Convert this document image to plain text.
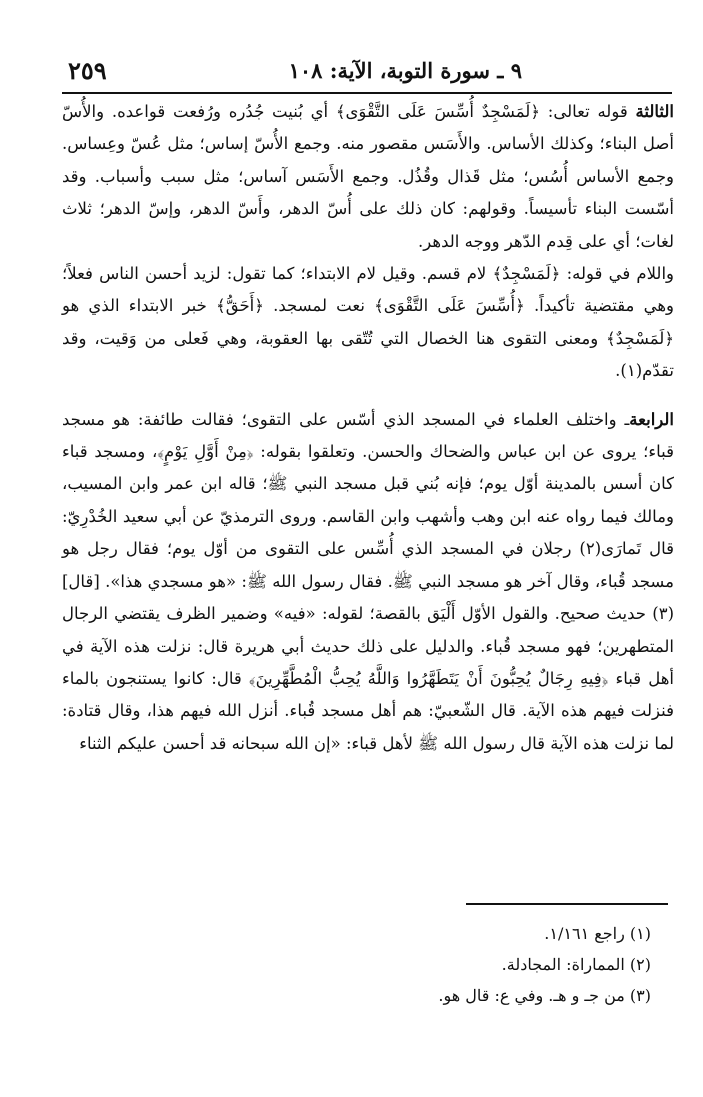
٢٥٩	٩ ـ سورة التوبة، الآية: ١٠٨

الثالثة قوله تعالى: ﴿لَمَسْجِدٌ أُسِّسَ عَلَى التَّقْوَى﴾ أي بُنيت جُدُره ورُفعت قواعده. والأُسّ أصل البناء؛ وكذلك الأساس. والأَسَس مقصور منه. وجمع الأُسّ إساس؛ مثل عُسّ وعِساس. وجمع الأساس أُسُس؛ مثل قَذال وقُذُل. وجمع الأَسَس آساس؛ مثل سبب وأسباب. وقد أسّست البناء تأسيساً. وقولهم: كان ذلك على أُسّ الدهر، وأَسّ الدهر، وإسّ الدهر؛ ثلاث لغات؛ أي على قِدم الدّهر ووجه الدهر.

واللام في قوله: ﴿لَمَسْجِدٌ﴾ لام قسم. وقيل لام الابتداء؛ كما تقول: لزيد أحسن الناس فعلاً؛ وهي مقتضية تأكيداً. ﴿أُسِّسَ عَلَى التَّقْوَى﴾ نعت لمسجد. ﴿أَحَقُّ﴾ خبر الابتداء الذي هو ﴿لَمَسْجِدٌ﴾ ومعنى التقوى هنا الخصال التي تُتّقى بها العقوبة، وهي فَعلى من وَقيت، وقد تقدّم(١).

الرابعةـ واختلف العلماء في المسجد الذي أسّس على التقوى؛ فقالت طائفة: هو مسجد قباء؛ يروى عن ابن عباس والضحاك والحسن. وتعلقوا بقوله: ﴿مِنْ أَوَّلِ يَوْمٍ﴾، ومسجد قباء كان أسس بالمدينة أوّل يوم؛ فإنه بُني قبل مسجد النبي ﷺ؛ قاله ابن عمر وابن المسيب، ومالك فيما رواه عنه ابن وهب وأشهب وابن القاسم. وروى الترمذيّ عن أبي سعيد الخُدْرِيّ: قال تَمارَى(٢) رجلان في المسجد الذي أُسِّس على التقوى من أوّل يوم؛ فقال رجل هو مسجد قُباء، وقال آخر هو مسجد النبي ﷺ. فقال رسول الله ﷺ: «هو مسجدي هذا». [قال](٣) حديث صحيح. والقول الأوّل أَلْيَق بالقصة؛ لقوله: «فيه» وضمير الظرف يقتضي الرجال المتطهرين؛ فهو مسجد قُباء. والدليل على ذلك حديث أبي هريرة قال: نزلت هذه الآية في أهل قباء ﴿فِيهِ رِجَالٌ يُحِبُّونَ أَنْ يَتَطَهَّرُوا وَاللَّهُ يُحِبُّ الْمُطَّهِّرِينَ﴾ قال: كانوا يستنجون بالماء فنزلت فيهم هذه الآية. قال الشّعبيّ: هم أهل مسجد قُباء. أنزل الله فيهم هذا، وقال قتادة: لما نزلت هذه الآية قال رسول الله ﷺ لأهل قباء: «إن الله سبحانه قد أحسن عليكم الثناء

(١) راجع ١/١٦١.

(٢) المماراة: المجادلة.

(٣) من جـ و هـ. وفي ع: قال هو.
